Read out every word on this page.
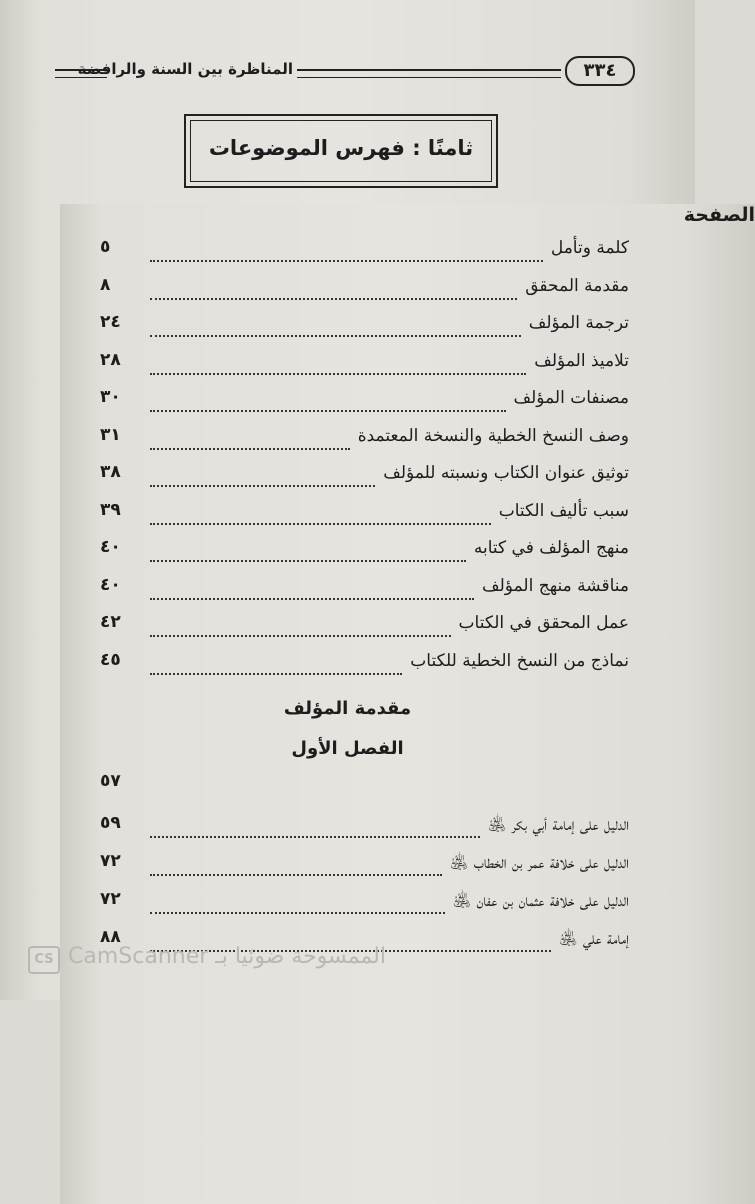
المناظرة بين السنة والرافضة	٣٣٤
ثامنًا : فهرس الموضوعات
الصفحة
كلمة وتأمل
٥
مقدمة المحقق
٨
ترجمة المؤلف
٢٤
تلاميذ المؤلف
٢٨
مصنفات المؤلف
٣٠
وصف النسخ الخطية والنسخة المعتمدة
٣١
توثيق عنوان الكتاب ونسبته للمؤلف
٣٨
سبب تأليف الكتاب
٣٩
منهج المؤلف في كتابه
٤٠
مناقشة منهج المؤلف
٤٠
عمل المحقق في الكتاب
٤٢
نماذج من النسخ الخطية للكتاب
٤٥
مقدمة المؤلف
الفصل الأول
٥٧
الدليل على إمامة أبي بكر ﵁
٥٩
الدليل على خلافة عمر بن الخطاب ﵁
٧٢
الدليل على خلافة عثمان بن عفان ﵁
٧٢
إمامة علي ﵁
٨٨
CS الممسوحة ضوئيا بـ CamScanner
